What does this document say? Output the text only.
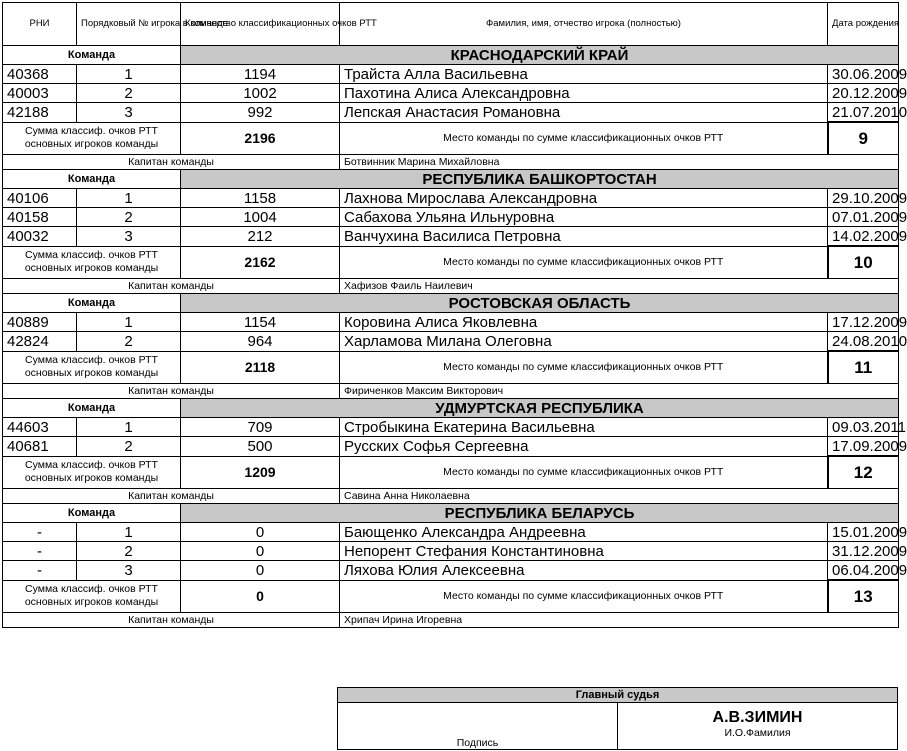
РНИ	Порядковый № игрока в команде	Количество классификационных очков РТТ	Фамилия, имя, отчество игрока (полностью)	Дата рождения
Команда		КРАСНОДАРСКИЙ КРАЙ		
40368	1	1194	Трайста Алла Васильевна	30.06.2009
40003	2	1002	Пахотина Алиса Александровна	20.12.2009
42188	3	992	Лепская Анастасия Романовна	21.07.2010
Сумма классиф. очков РТТ основных игроков команды		2196	Место команды по сумме классификационных очков РТТ	9
Капитан команды			Ботвинник Марина Михайловна	
Команда		РЕСПУБЛИКА БАШКОРТОСТАН		
40106	1	1158	Лахнова Мирослава Александровна	29.10.2009
40158	2	1004	Сабахова Ульяна Ильнуровна	07.01.2009
40032	3	212	Ванчухина Василиса Петровна	14.02.2009
Сумма классиф. очков РТТ основных игроков команды		2162	Место команды по сумме классификационных очков РТТ	10
Капитан команды			Хафизов Фаиль Наилевич	
Команда		РОСТОВСКАЯ ОБЛАСТЬ		
40889	1	1154	Коровина Алиса Яковлевна	17.12.2009
42824	2	964	Харламова Милана Олеговна	24.08.2010
Сумма классиф. очков РТТ основных игроков команды		2118	Место команды по сумме классификационных очков РТТ	11
Капитан команды			Фириченков Максим Викторович	
Команда		УДМУРТСКАЯ РЕСПУБЛИКА		
44603	1	709	Стробыкина Екатерина Васильевна	09.03.2011
40681	2	500	Русских Софья Сергеевна	17.09.2009
Сумма классиф. очков РТТ основных игроков команды		1209	Место команды по сумме классификационных очков РТТ	12
Капитан команды			Савина Анна Николаевна	
Команда		РЕСПУБЛИКА БЕЛАРУСЬ		
-	1	0	Бающенко Александра Андреевна	15.01.2009
-	2	0	Непорент Стефания Константиновна	31.12.2009
-	3	0	Ляхова Юлия Алексеевна	06.04.2009
Сумма классиф. очков РТТ основных игроков команды		0	Место команды по сумме классификационных очков РТТ	13
Капитан команды			Хрипач Ирина Игоревна	
Главный судья
Подпись	
А.В.ЗИМИН
И.О.Фамилия
